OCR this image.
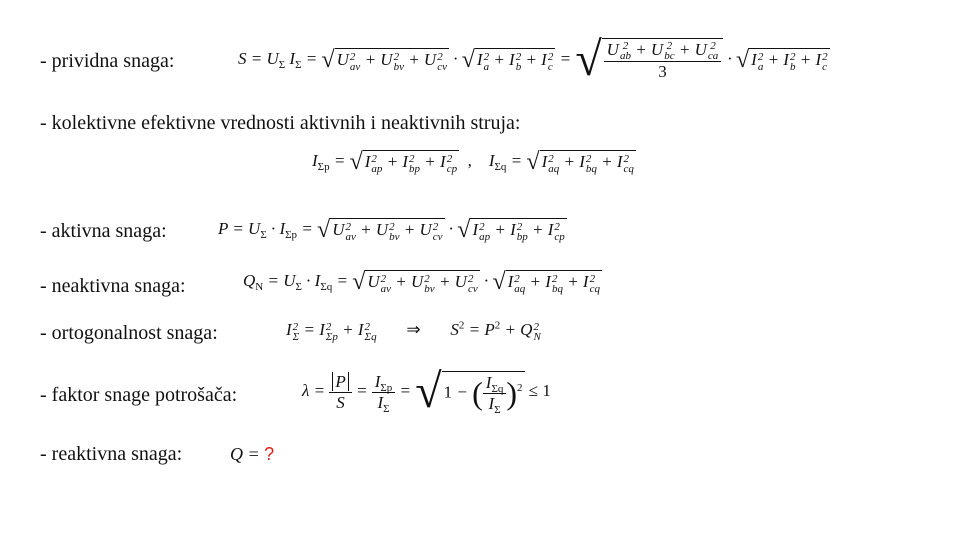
- prividna snaga:	$S = U_\Sigma$ $I_\Sigma$ = √ U 2
av + U 2
bv + U 2
cv · √ I 2
a + I 2
b + I 2
c = √ U 2
ab + U 2
bc + U 2
ca
3 · √ I 2
a + I 2
b + I 2
c
- kolektivne efektivne vrednosti aktivnih i neaktivnih struja:
$I_{\Sigma p}$ = √ I 2
ap + I 2
bp + I 2
cp ,    $I_{\Sigma q}$ = √ I 2
aq + I 2
bq + I 2
cq
- aktivna snaga:	$P = U_\Sigma \cdot I_{\Sigma p}$ = √ U 2
av + U 2
bv + U 2
cv · √ I 2
ap + I 2
bp + I 2
cp
- neaktivna snaga:	$Q_N = U_\Sigma \cdot I_{\Sigma q}$ = √ U 2
av + U 2
bv + U 2
cv · √ I 2
aq + I 2
bq + I 2
cq
- ortogonalnost snaga:	I 2
Σ = I 2
Σp + I 2
Σq ⇒       $S^2 = P^2 + Q$ 2
N
- faktor snage potrošača:	$\lambda = \frac{P}{S} = \frac{I_{\Sigma p}}{I_\Sigma}$ = √ 1 − ( $\frac{I_{\Sigma q}}{I_\Sigma} )^2 \le 1$
- reaktivna snaga:	Q = ?
